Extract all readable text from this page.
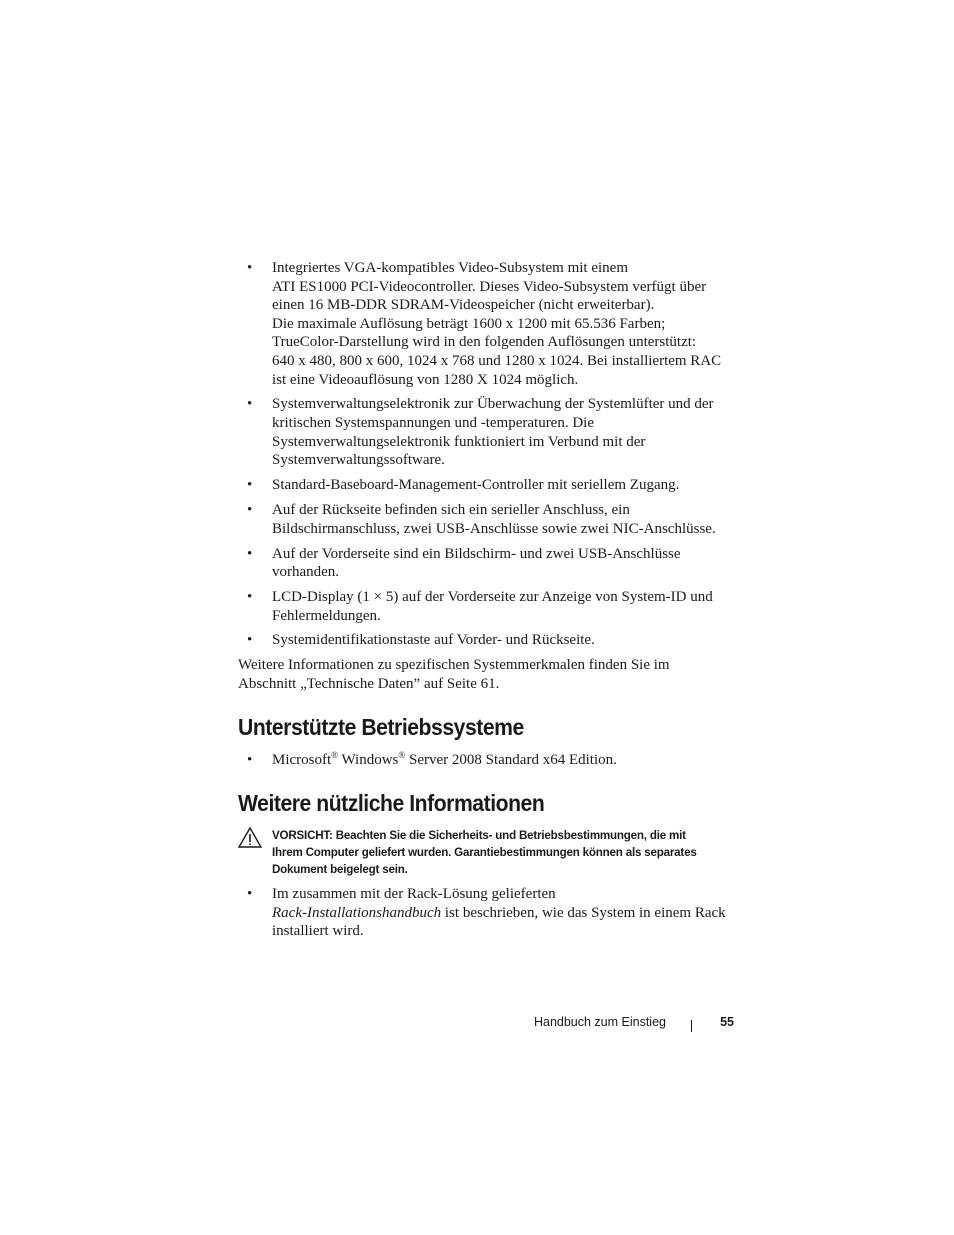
• Integriertes VGA-kompatibles Video-Subsystem mit einem
ATI ES1000 PCI-Videocontroller. Dieses Video-Subsystem verfügt über
einen 16 MB-DDR SDRAM-Videospeicher (nicht erweiterbar).
Die maximale Auflösung beträgt 1600 x 1200 mit 65.536 Farben;
TrueColor-Darstellung wird in den folgenden Auflösungen unterstützt:
640 x 480, 800 x 600, 1024 x 768 und 1280 x 1024. Bei installiertem RAC
ist eine Videoauflösung von 1280 X 1024 möglich.
• Systemverwaltungselektronik zur Überwachung der Systemlüfter und der
kritischen Systemspannungen und -temperaturen. Die
Systemverwaltungselektronik funktioniert im Verbund mit der
Systemverwaltungssoftware.
• Standard-Baseboard-Management-Controller mit seriellem Zugang.
• Auf der Rückseite befinden sich ein serieller Anschluss, ein
Bildschirmanschluss, zwei USB-Anschlüsse sowie zwei NIC-Anschlüsse.
• Auf der Vorderseite sind ein Bildschirm- und zwei USB-Anschlüsse
vorhanden.
• LCD-Display (1 × 5) auf der Vorderseite zur Anzeige von System-ID und
Fehlermeldungen.
• Systemidentifikationstaste auf Vorder- und Rückseite.

Weitere Informationen zu spezifischen Systemmerkmalen finden Sie im
Abschnitt „Technische Daten” auf Seite 61.

Unterstützte Betriebssysteme
• Microsoft® Windows® Server 2008 Standard x64 Edition.
Weitere nützliche Informationen
VORSICHT: Beachten Sie die Sicherheits- und Betriebsbestimmungen, die mit
Ihrem Computer geliefert wurden. Garantiebestimmungen können als separates
Dokument beigelegt sein.
• Im zusammen mit der Rack-Lösung gelieferten
Rack-Installationshandbuch ist beschrieben, wie das System in einem Rack
installiert wird.
Handbuch zum Einstieg	55
